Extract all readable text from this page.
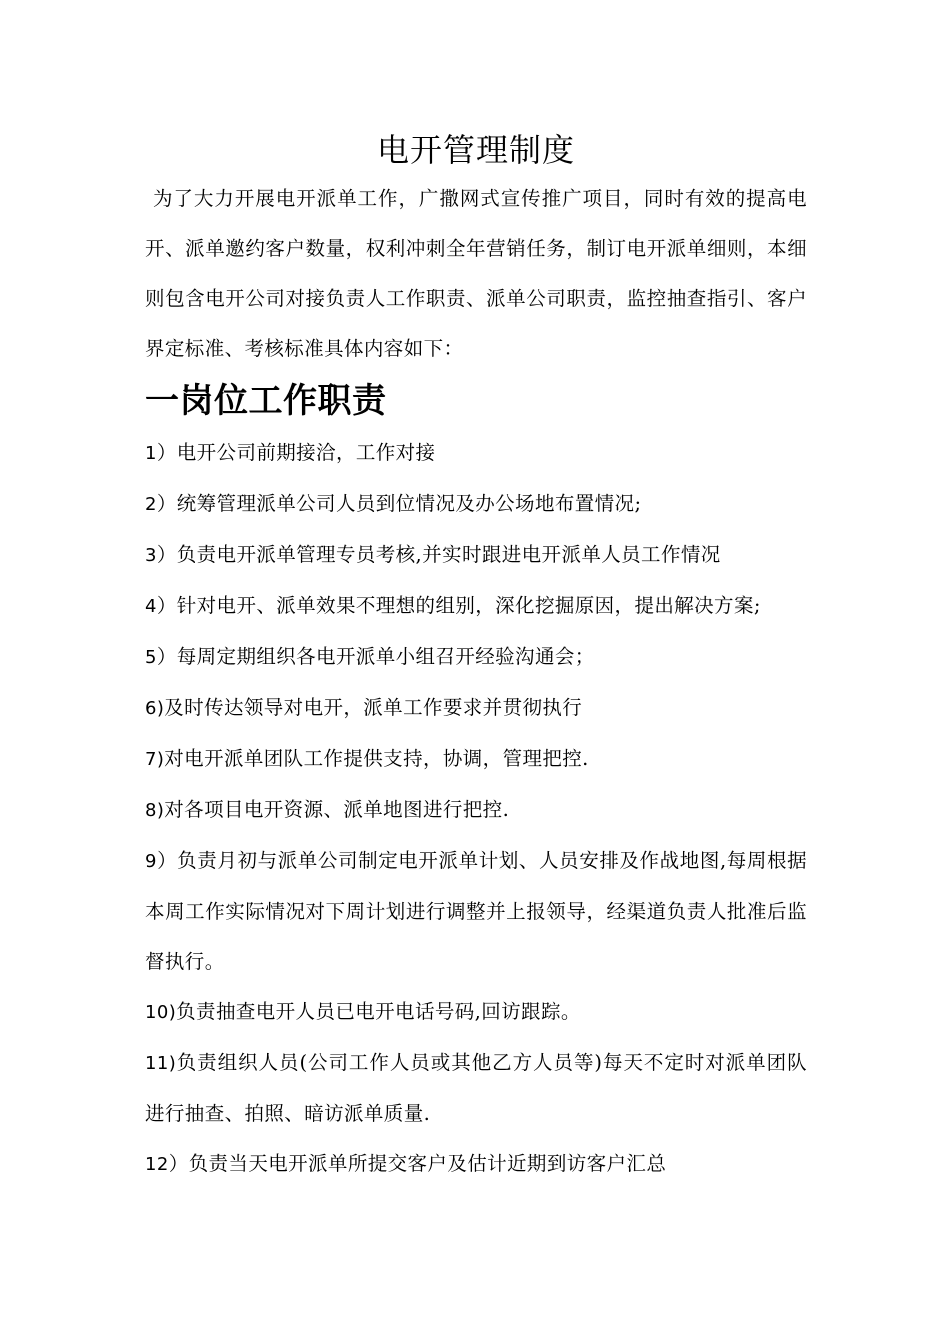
电开管理制度

为了大力开展电开派单工作，广撒网式宣传推广项目，同时有效的提高电开、派单邀约客户数量，权利冲刺全年营销任务，制订电开派单细则，本细则包含电开公司对接负责人工作职责、派单公司职责，监控抽查指引、客户界定标准、考核标准具体内容如下：

一岗位工作职责

1）电开公司前期接洽，工作对接

2）统筹管理派单公司人员到位情况及办公场地布置情况;

3）负责电开派单管理专员考核,并实时跟进电开派单人员工作情况

4）针对电开、派单效果不理想的组别，深化挖掘原因，提出解决方案;

5）每周定期组织各电开派单小组召开经验沟通会；

6)及时传达领导对电开，派单工作要求并贯彻执行

7)对电开派单团队工作提供支持，协调，管理把控.

8)对各项目电开资源、派单地图进行把控.

9）负责月初与派单公司制定电开派单计划、人员安排及作战地图,每周根据本周工作实际情况对下周计划进行调整并上报领导，经渠道负责人批准后监督执行。

10)负责抽查电开人员已电开电话号码,回访跟踪。

11)负责组织人员(公司工作人员或其他乙方人员等)每天不定时对派单团队进行抽查、拍照、暗访派单质量.

12）负责当天电开派单所提交客户及估计近期到访客户汇总
